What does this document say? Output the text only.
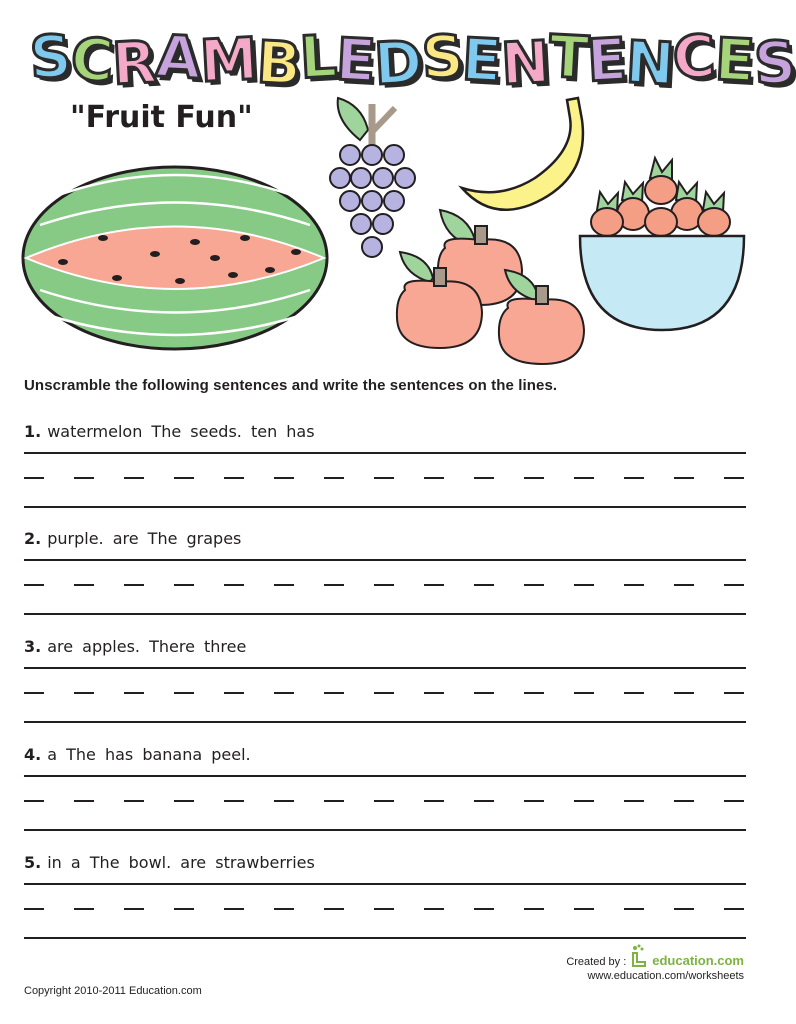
S
C
R
A
M
B
L
E
D
S
E
N
T
E
N
C
E
S
"Fruit Fun"
Unscramble the following sentences and write the sentences on the lines.
1. watermelon The seeds. ten has
2. purple. are The grapes
3. are apples. There three
4. a The has banana peel.
5. in a The bowl. are strawberries
Copyright 2010-2011 Education.com
Created by : education.com
www.education.com/worksheets
